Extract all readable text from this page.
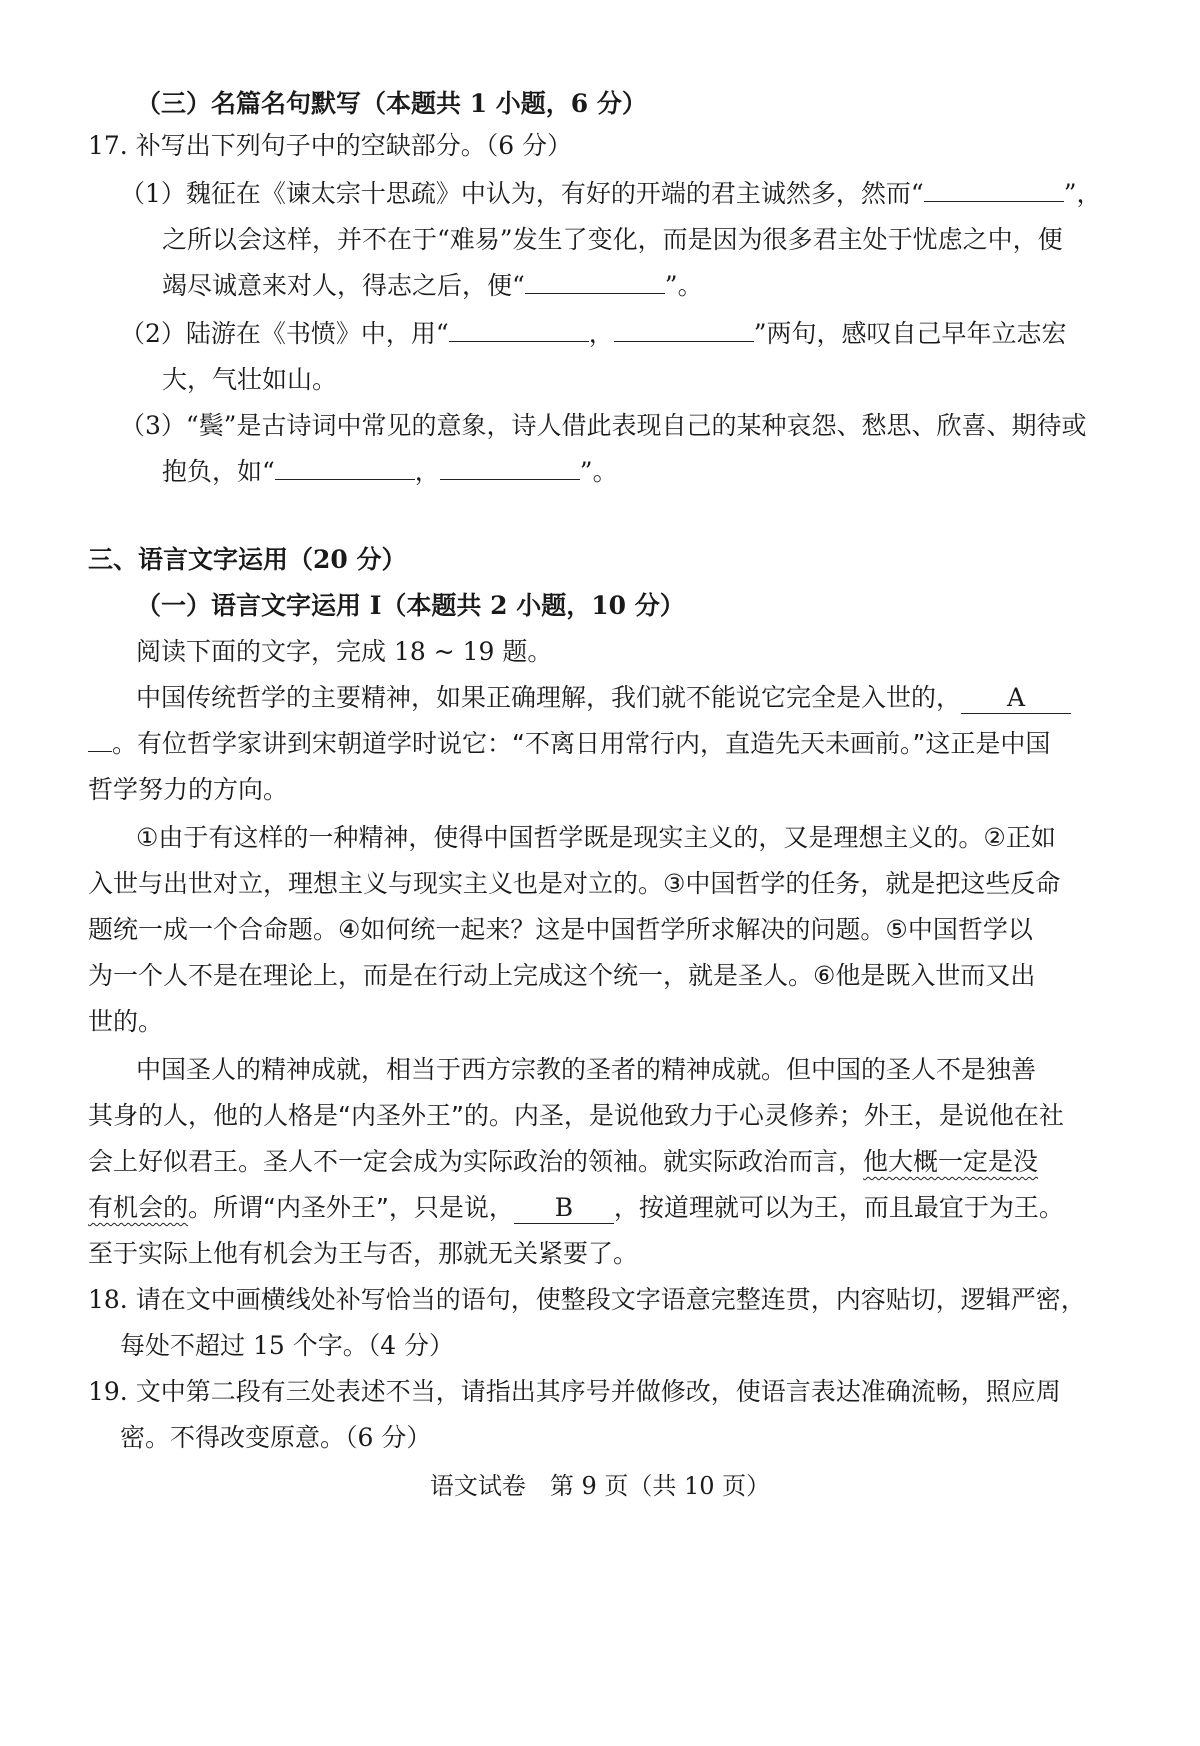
（三）名篇名句默写（本题共 1 小题，6 分）
17. 补写出下列句子中的空缺部分。（6 分）
（1）魏征在《谏太宗十思疏》中认为，有好的开端的君主诚然多，然而“	”，
之所以会这样，并不在于“难易”发生了变化，而是因为很多君主处于忧虑之中，便
竭尽诚意来对人，得志之后，便“	”。
（2）陆游在《书愤》中，用“	，	”两句，感叹自己早年立志宏
大，气壮如山。
（3）“鬓”是古诗词中常见的意象，诗人借此表现自己的某种哀怨、愁思、欣喜、期待或
抱负，如“	，	”。
三、语言文字运用（20 分）
（一）语言文字运用 I（本题共 2 小题，10 分）
阅读下面的文字，完成 18 ~ 19 题。
中国传统哲学的主要精神，如果正确理解，我们就不能说它完全是入世的， A
。有位哲学家讲到宋朝道学时说它：“不离日用常行内，直造先天未画前。”这正是中国
哲学努力的方向。
①由于有这样的一种精神，使得中国哲学既是现实主义的，又是理想主义的。②正如
入世与出世对立，理想主义与现实主义也是对立的。③中国哲学的任务，就是把这些反命
题统一成一个合命题。④如何统一起来？这是中国哲学所求解决的问题。⑤中国哲学以
为一个人不是在理论上，而是在行动上完成这个统一，就是圣人。⑥他是既入世而又出
世的。
中国圣人的精神成就，相当于西方宗教的圣者的精神成就。但中国的圣人不是独善
其身的人，他的人格是“内圣外王”的。内圣，是说他致力于心灵修养；外王，是说他在社
会上好似君王。圣人不一定会成为实际政治的领袖。就实际政治而言，他大概一定是没
有机会的。所谓“内圣外王”，只是说， B ，按道理就可以为王，而且最宜于为王。
至于实际上他有机会为王与否，那就无关紧要了。
18. 请在文中画横线处补写恰当的语句，使整段文字语意完整连贯，内容贴切，逻辑严密，
每处不超过 15 个字。（4 分）
19. 文中第二段有三处表述不当，请指出其序号并做修改，使语言表达准确流畅，照应周
密。不得改变原意。（6 分）
语文试卷　第 9 页（共 10 页）
